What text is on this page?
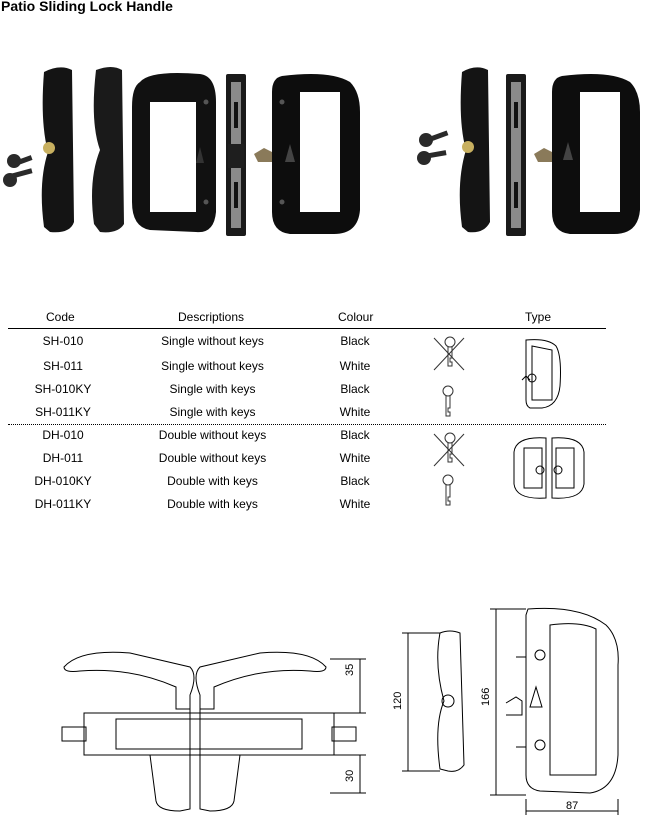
Patio Sliding Lock Handle
Code	Descriptions	Colour	Type
SH-010	Single without keys	Black
SH-011	Single without keys	White
SH-010KY	Single with keys	Black
SH-011KY	Single with keys	White
DH-010	Double without keys	Black
DH-011	Double without keys	White
DH-010KY	Double with keys	Black
DH-011KY	Double with keys	White
35
30
120	166
87
